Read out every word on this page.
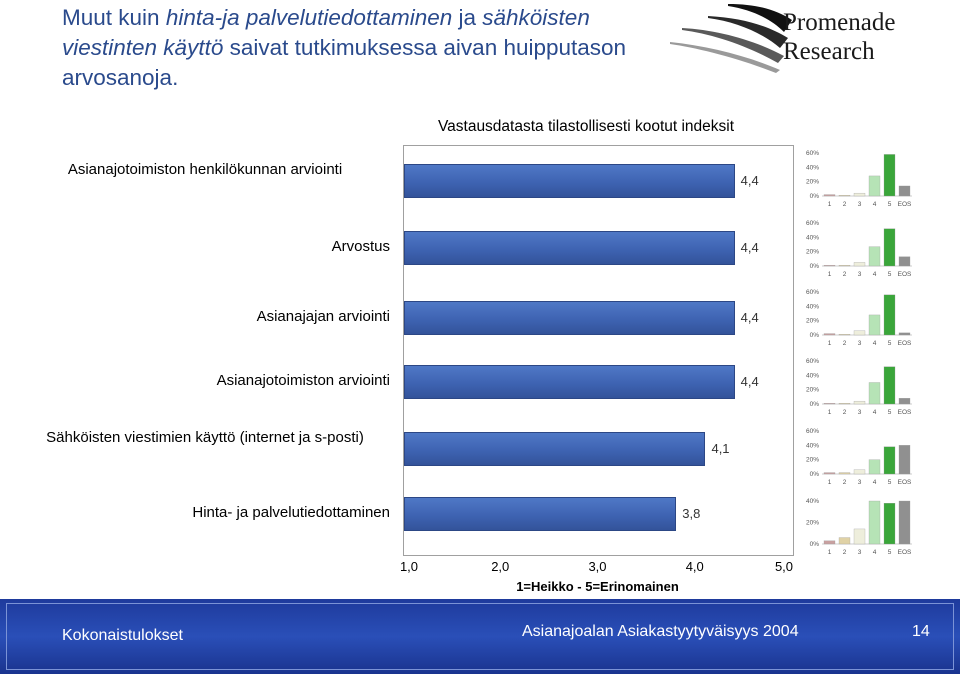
Muut kuin hinta-ja palvelutiedottaminen ja sähköisten viestinten käyttö saivat tutkimuksessa aivan huipputason arvosanoja.
Promenade
Research
Vastausdatasta tilastollisesti kootut indeksit
4,4
4,4
4,4
4,4
4,1
3,8
Asianajotoimiston henkilökunnan arviointi
Arvostus
Asianajajan arviointi
Asianajotoimiston arviointi
Sähköisten viestimien käyttö (internet ja s-posti)
Hinta- ja palvelutiedottaminen
1,0	2,0	3,0	4,0	5,0
1=Heikko - 5=Erinomainen
0%
20%
40%
60%
1 2 3 4 5 EOS
0%
20%
40%
60%
1 2 3 4 5 EOS
0%
20%
40%
60%
1 2 3 4 5 EOS
0%
20%
40%
60%
1 2 3 4 5 EOS
0%
20%
40%
60%
1 2 3 4 5 EOS
0%
20%
40%
1 2 3 4 5 EOS
Kokonaistulokset	Asianajoalan Asiakastyytyväisyys 2004	14
